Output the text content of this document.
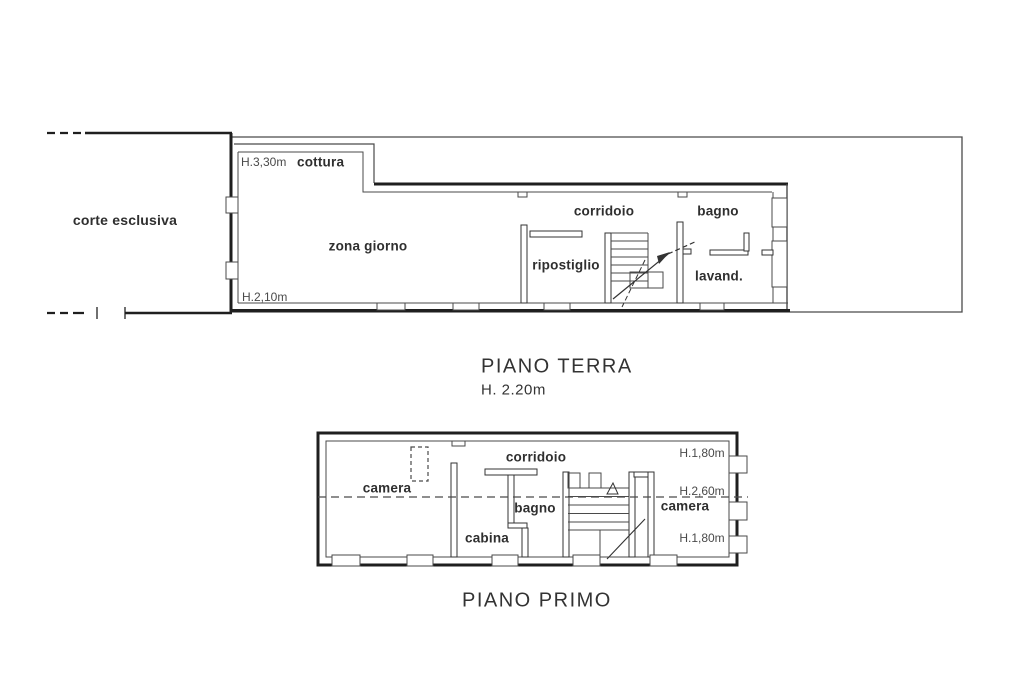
corte esclusiva
H.3,30m cottura
zona giorno
corridoio	bagno
ripostiglio
lavand.
H.2,10m
PIANO TERRA
H. 2.20m
camera
corridoio
bagno
cabina
camera
H.1,80m
H.2,60m
H.1,80m
PIANO PRIMO
